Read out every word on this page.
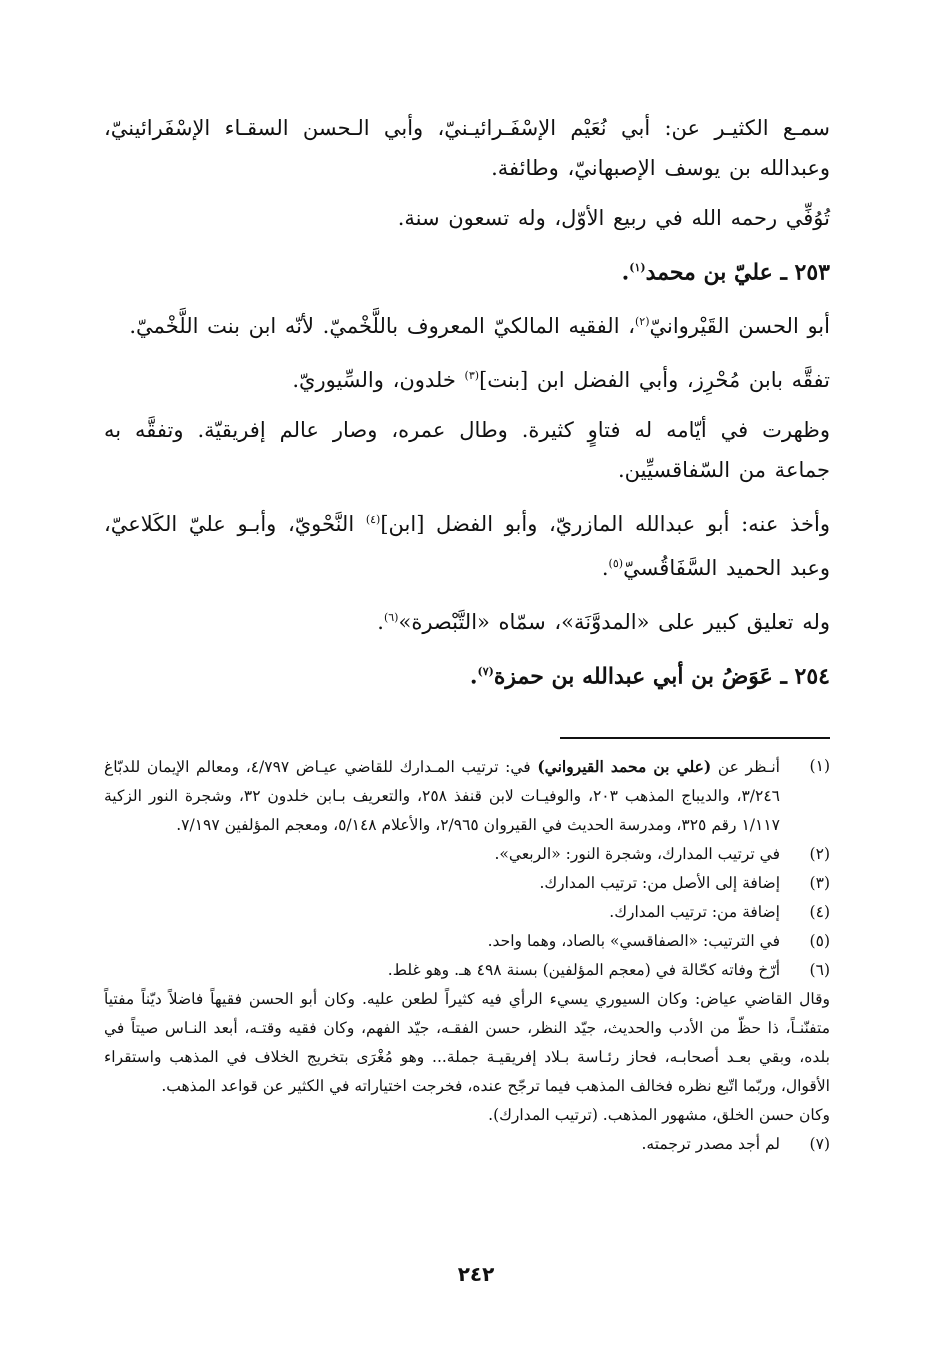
سمـع الكثيـر عن: أبي نُعَيْم الإسْفَـرائيـنيّ، وأبي الـحسن السقـاء الإسْفَرائينيّ، وعبدالله بن يوسف الإصبهانيّ، وطائفة.

تُوُفِّي رحمه الله في ربيع الأوّل، وله تسعون سنة.

٢٥٣ ـ عليّ بن محمد$^{(١)}$.

أبو الحسن القَيْروانيّ$^{(٢)}$، الفقيه المالكيّ المعروف باللَّخْميّ. لأنّه ابن بنت اللَّخْميّ.

تفقَّه بابن مُحْرِز، وأبي الفضل ابن [بنت]$^{(٣)}$ خلدون، والسِّيوريّ.

وظهرت في أيّامه له فتاوٍ كثيرة. وطال عمره، وصار عالم إفريقيّة. وتفقَّه به جماعة من السّفاقسيِّين.

وأخذ عنه: أبو عبدالله المازريّ، وأبو الفضل [ابن]$^{(٤)}$ النَّحْويّ، وأبـو عليّ الكَلاعيّ، وعبد الحميد السَّفَاقُسيّ$^{(٥)}$.

وله تعليق كبير على «المدوَّنَة»، سمّاه «التَّبْصرة»$^{(٦)}$.

٢٥٤ ـ عَوَضُ بن أبي عبدالله بن حمزة$^{(٧)}$.

(١)
أنـظر عن (علي بن محمد القيرواني) في: ترتيب المـدارك للقاضي عيـاض ٤/٧٩٧، ومعالم الإيمان للدبّاغ ٣/٢٤٦، والديباج المذهب ٢٠٣، والوفيـات لابن قنفذ ٢٥٨، والتعريف بـابن خلدون ٣٢، وشجرة النور الزكية ١/١١٧ رقم ٣٢٥، ومدرسة الحديث في القيروان ٢/٩٦٥، والأعلام ٥/١٤٨، ومعجم المؤلفين ٧/١٩٧.
(٢)
في ترتيب المدارك، وشجرة النور: «الربعي».
(٣)
إضافة إلى الأصل من: ترتيب المدارك.
(٤)
إضافة من: ترتيب المدارك.
(٥)
في الترتيب: «الصفاقسي» بالصاد، وهما واحد.
(٦)
أرّخ وفاته كحّالة في (معجم المؤلفين) بسنة ٤٩٨ هـ. وهو غلط.
وقال القاضي عياض: وكان السيوري يسيء الرأي فيه كثيراً لطعن عليه. وكان أبو الحسن فقيهاً فاضلاً ديّناً مفتياً متفنّنـاً، ذا حظّ من الأدب والحديث، جيّد النظر، حسن الفقـه، جيّد الفهم، وكان فقيه وقتـه، أبعد النـاس صيتاً في بلده، وبقي بعـد أصحابـه، فحاز رئـاسة بـلاد إفريقيـة جملة... وهو مُغْرَى بتخريج الخلاف في المذهب واستقراء الأقوال، وربّما اتّبع نظره فخالف المذهب فيما ترجّح عنده، فخرجت اختياراته في الكثير عن قواعد المذهب.
وكان حسن الخلق، مشهور المذهب. (ترتيب المدارك).
(٧)
لم أجد مصدر ترجمته.
٢٤٢
